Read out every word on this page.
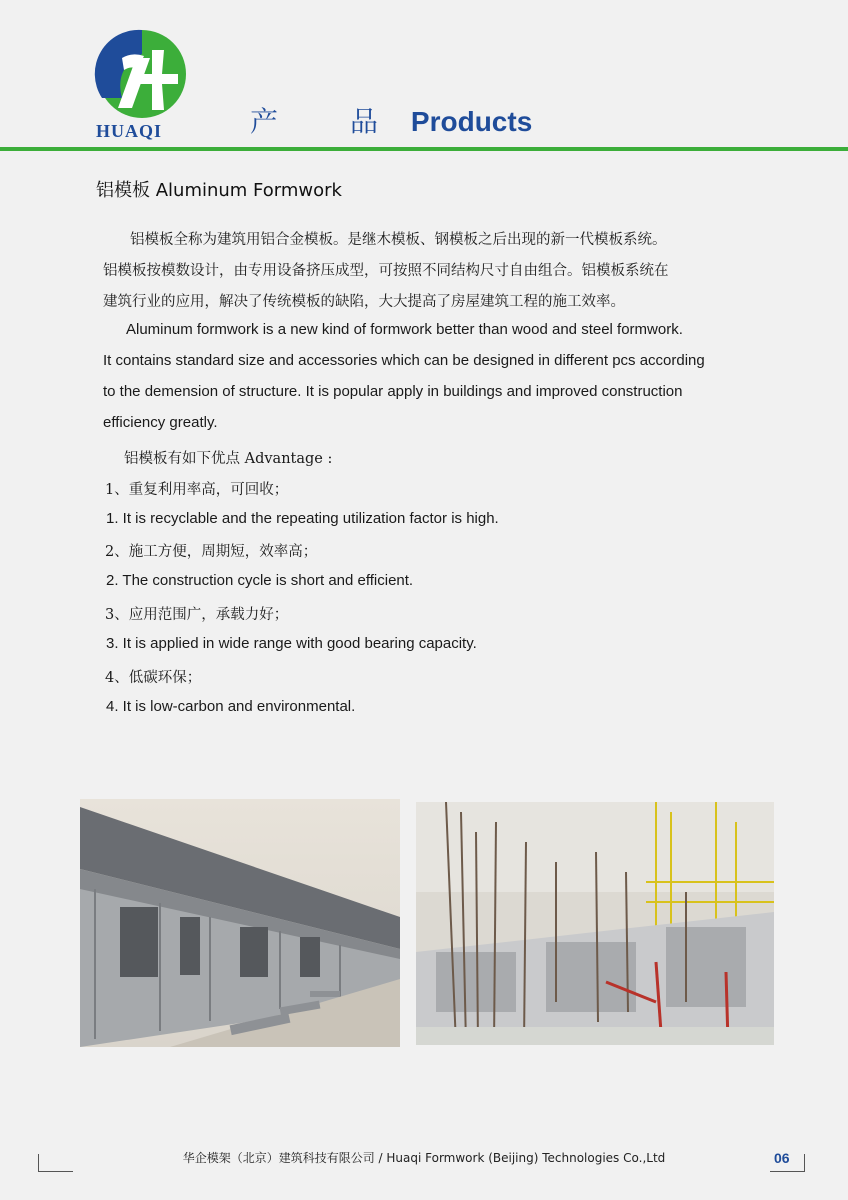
HUAQI	产　品 Products
铝模板 Aluminum Formwork
铝模板全称为建筑用铝合金模板。是继木模板、钢模板之后出现的新一代模板系统。
铝模板按模数设计，由专用设备挤压成型，可按照不同结构尺寸自由组合。铝模板系统在
建筑行业的应用，解决了传统模板的缺陷，大大提高了房屋建筑工程的施工效率。
Aluminum formwork is a new kind of formwork better than wood and steel formwork.
It contains standard size and accessories which can be designed in different pcs according
to the demension of structure. It is popular apply in buildings and improved construction
efficiency greatly.
铝模板有如下优点 Advantage :
1、重复利用率高，可回收；
1. It is recyclable and the repeating utilization factor is high.
2、施工方便，周期短，效率高；
2. The construction cycle is short and efficient.
3、应用范围广，承载力好；
3. It is applied in wide range with good bearing capacity.
4、低碳环保；
4. It is low-carbon and environmental.
华企模架（北京）建筑科技有限公司 / Huaqi Formwork (Beijing) Technologies Co.,Ltd	06
